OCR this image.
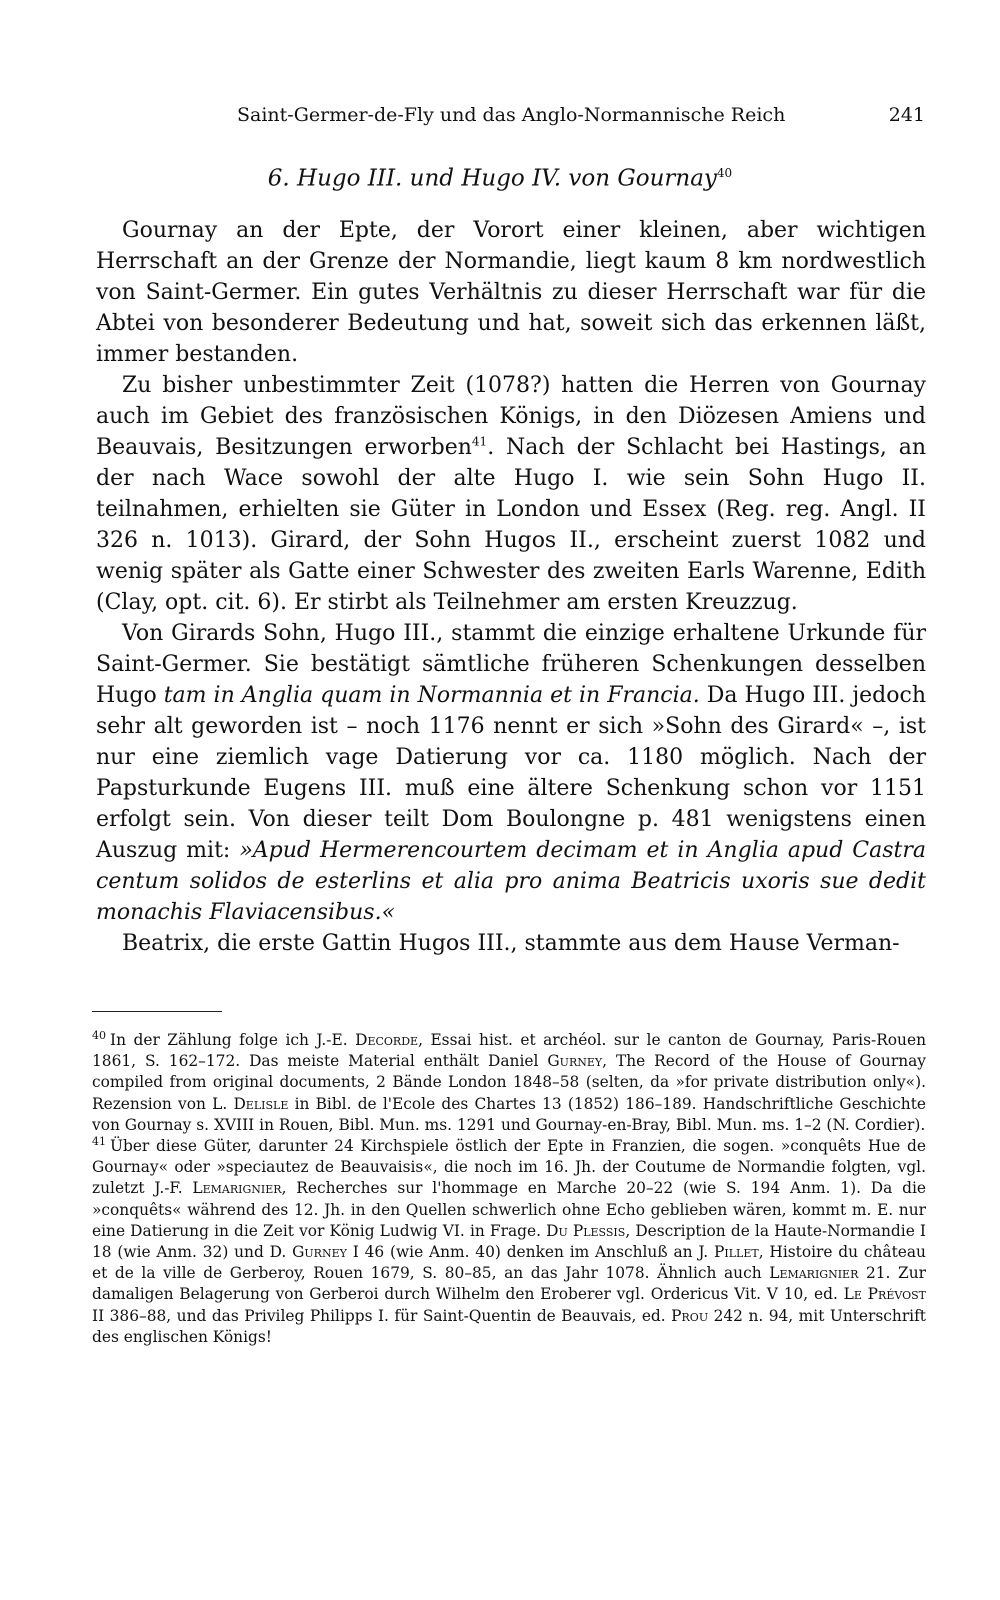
Saint-Germer-de-Fly und das Anglo-Normannische Reich	241
6. Hugo III. und Hugo IV. von Gournay$^{40}$

Gournay an der Epte, der Vorort einer kleinen, aber wichtigen Herrschaft an der Grenze der Normandie, liegt kaum 8 km nordwestlich von Saint-Germer. Ein gutes Verhältnis zu dieser Herrschaft war für die Abtei von besonderer Bedeutung und hat, soweit sich das erkennen läßt, immer bestanden.

Zu bisher unbestimmter Zeit (1078?) hatten die Herren von Gournay auch im Gebiet des französischen Königs, in den Diözesen Amiens und Beauvais, Besitzungen erworben$^{41}$. Nach der Schlacht bei Hastings, an der nach Wace sowohl der alte Hugo I. wie sein Sohn Hugo II. teilnahmen, erhielten sie Güter in London und Essex (Reg. reg. Angl. II 326 n. 1013). Girard, der Sohn Hugos II., erscheint zuerst 1082 und wenig später als Gatte einer Schwester des zweiten Earls Warenne, Edith (Clay, opt. cit. 6). Er stirbt als Teilnehmer am ersten Kreuzzug.

Von Girards Sohn, Hugo III., stammt die einzige erhaltene Urkunde für Saint-Germer. Sie bestätigt sämtliche früheren Schenkungen desselben Hugo tam in Anglia quam in Normannia et in Francia. Da Hugo III. jedoch sehr alt geworden ist – noch 1176 nennt er sich »Sohn des Girard« –, ist nur eine ziemlich vage Datierung vor ca. 1180 möglich. Nach der Papsturkunde Eugens III. muß eine ältere Schenkung schon vor 1151 erfolgt sein. Von dieser teilt Dom Boulongne p. 481 wenigstens einen Auszug mit: »Apud Hermerencourtem decimam et in Anglia apud Castra centum solidos de esterlins et alia pro anima Beatricis uxoris sue dedit monachis Flaviacensibus.«

Beatrix, die erste Gattin Hugos III., stammte aus dem Hause Verman-

$^{40}$ In der Zählung folge ich J.-E. Decorde, Essai hist. et archéol. sur le canton de Gournay, Paris-Rouen 1861, S. 162–172. Das meiste Material enthält Daniel Gurney, The Record of the House of Gournay compiled from original documents, 2 Bände London 1848–58 (selten, da »for private distribution only«). Rezension von L. Delisle in Bibl. de l'Ecole des Chartes 13 (1852) 186–189. Handschriftliche Geschichte von Gournay s. XVIII in Rouen, Bibl. Mun. ms. 1291 und Gournay-en-Bray, Bibl. Mun. ms. 1–2 (N. Cordier).

$^{41}$ Über diese Güter, darunter 24 Kirchspiele östlich der Epte in Franzien, die sogen. »conquêts Hue de Gournay« oder »speciautez de Beauvaisis«, die noch im 16. Jh. der Coutume de Normandie folgten, vgl. zuletzt J.-F. Lemarignier, Recherches sur l'hommage en Marche 20–22 (wie S. 194 Anm. 1). Da die »conquêts« während des 12. Jh. in den Quellen schwerlich ohne Echo geblieben wären, kommt m. E. nur eine Datierung in die Zeit vor König Ludwig VI. in Frage. Du Plessis, Description de la Haute-Normandie I 18 (wie Anm. 32) und D. Gurney I 46 (wie Anm. 40) denken im Anschluß an J. Pillet, Histoire du château et de la ville de Gerberoy, Rouen 1679, S. 80–85, an das Jahr 1078. Ähnlich auch Lemarignier 21. Zur damaligen Belagerung von Gerberoi durch Wilhelm den Eroberer vgl. Ordericus Vit. V 10, ed. Le Prévost II 386–88, und das Privileg Philipps I. für Saint-Quentin de Beauvais, ed. Prou 242 n. 94, mit Unterschrift des englischen Königs!
